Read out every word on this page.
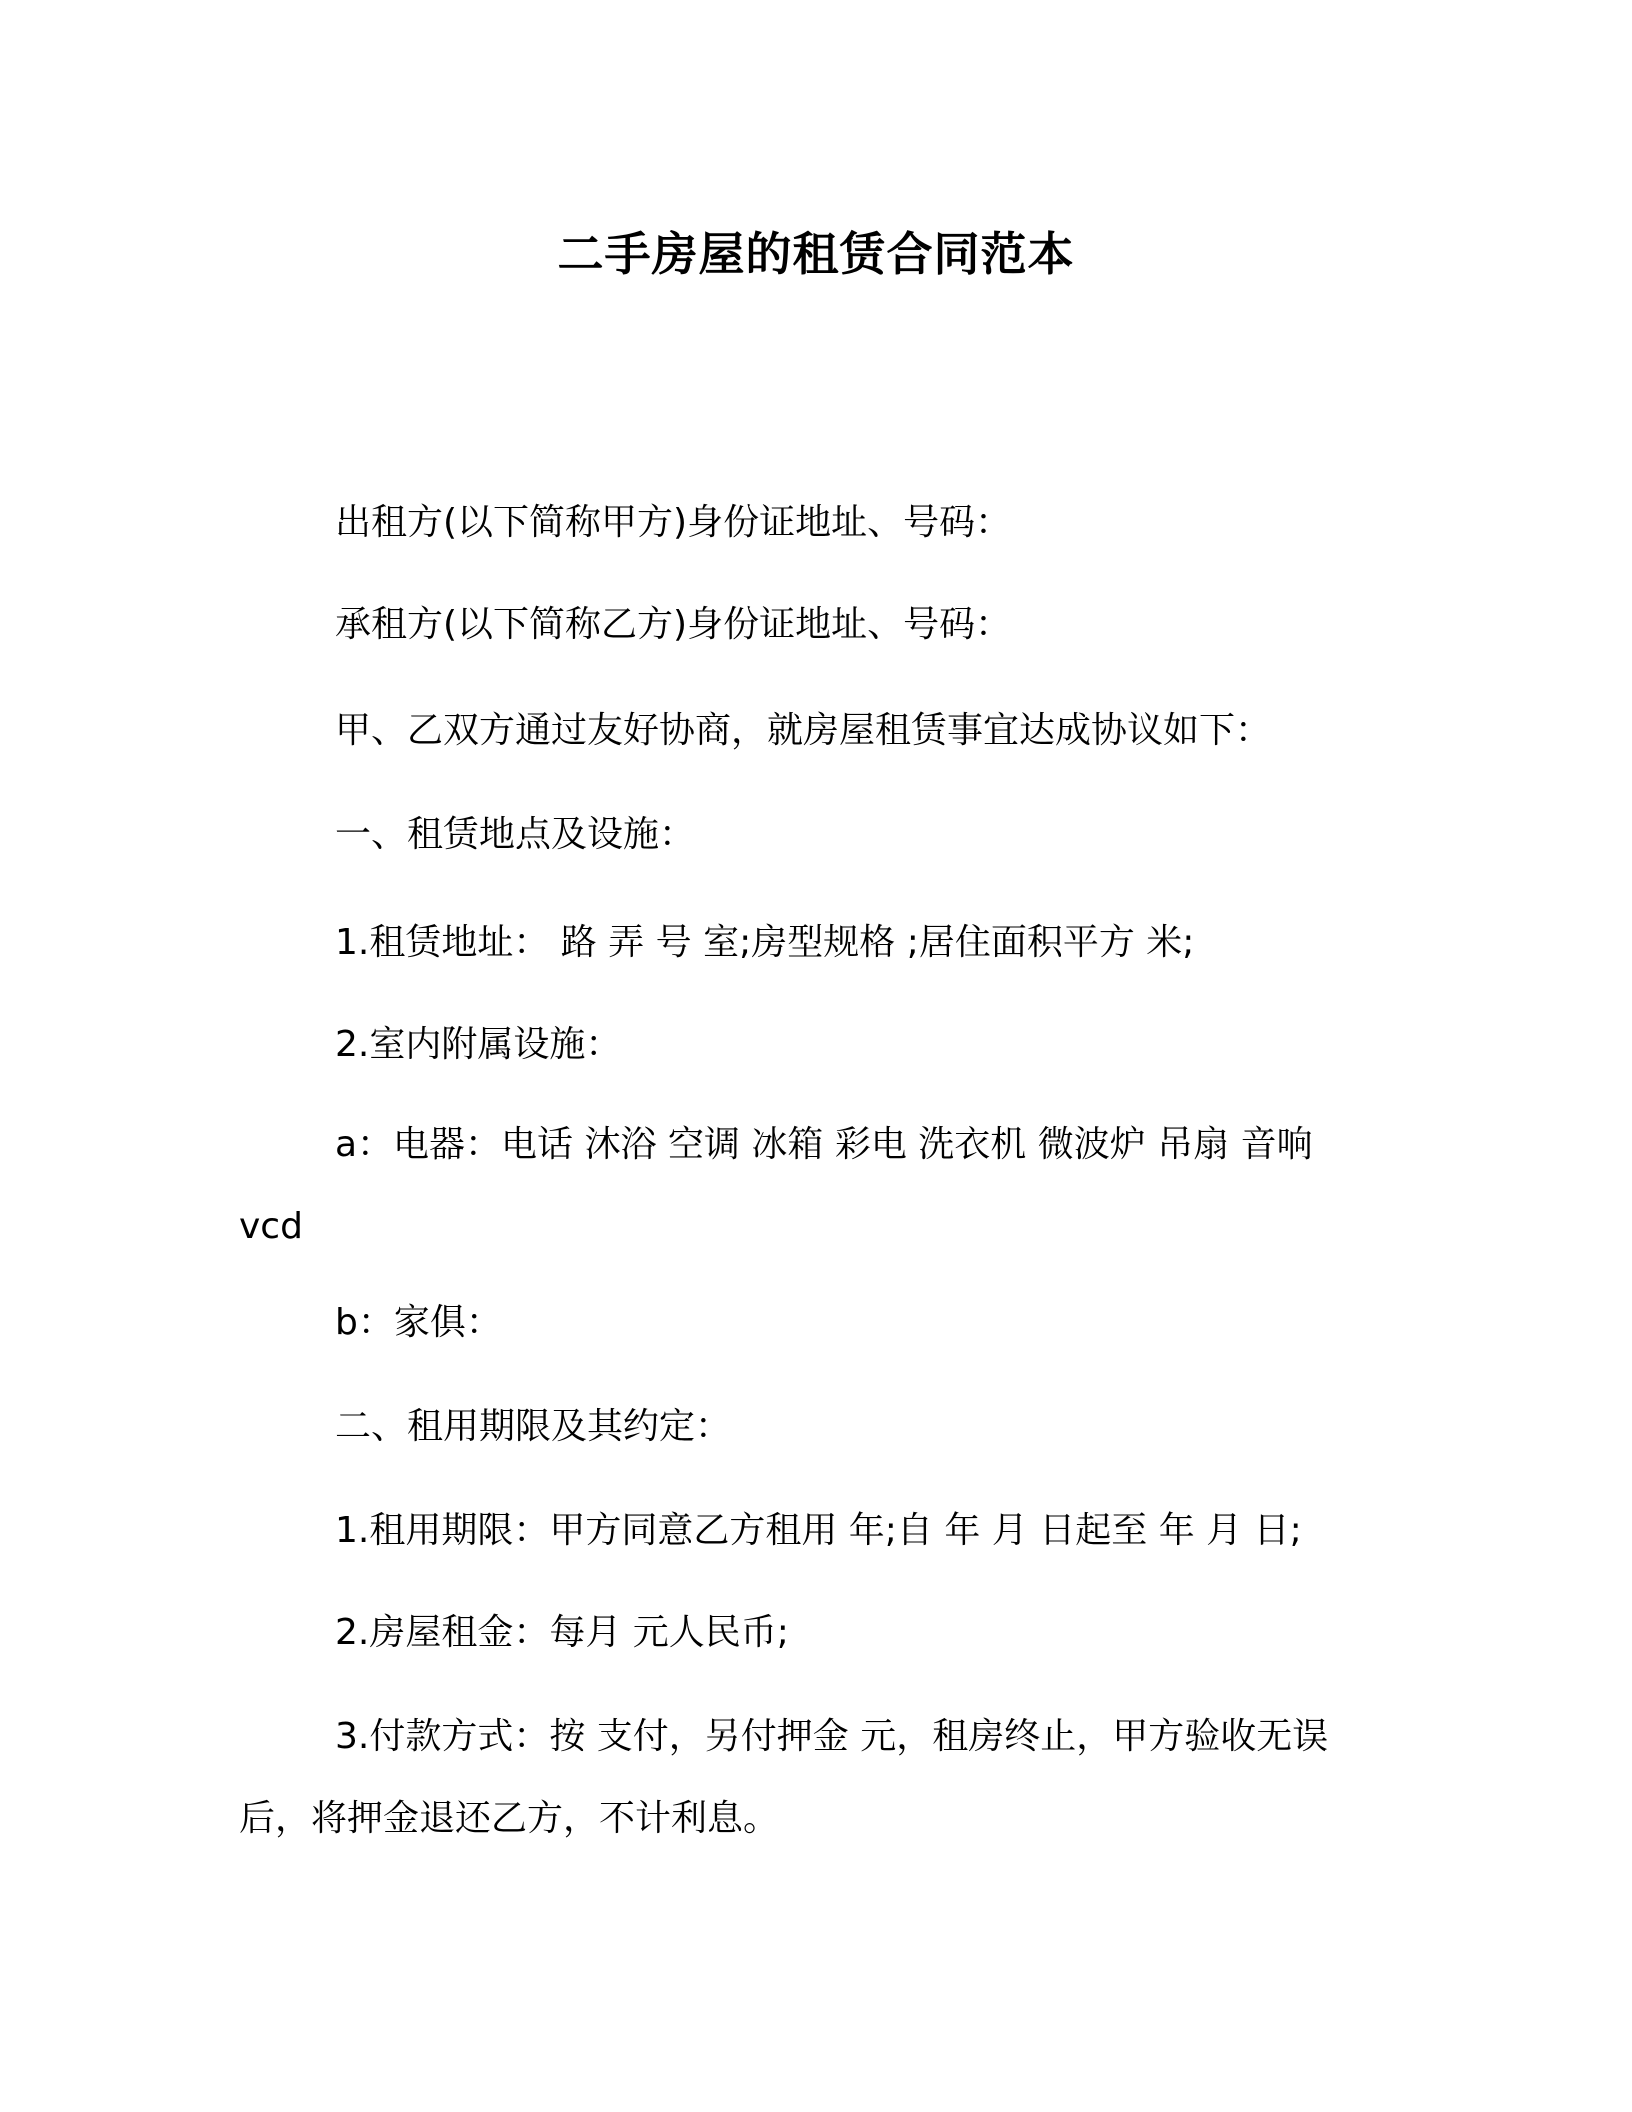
二手房屋的租赁合同范本

出租方(以下简称甲方)身份证地址、号码：

承租方(以下简称乙方)身份证地址、号码：

甲、乙双方通过友好协商，就房屋租赁事宜达成协议如下：

一、租赁地点及设施：

1.租赁地址： 路 弄 号 室;房型规格 ;居住面积平方 米;

2.室内附属设施：

a：电器：电话 沐浴 空调 冰箱 彩电 洗衣机 微波炉 吊扇 音响 vcd

b：家俱：

二、租用期限及其约定：

1.租用期限：甲方同意乙方租用 年;自 年 月 日起至 年 月 日;

2.房屋租金：每月 元人民币;

3.付款方式：按 支付，另付押金 元，租房终止，甲方验收无误后，将押金退还乙方，不计利息。
